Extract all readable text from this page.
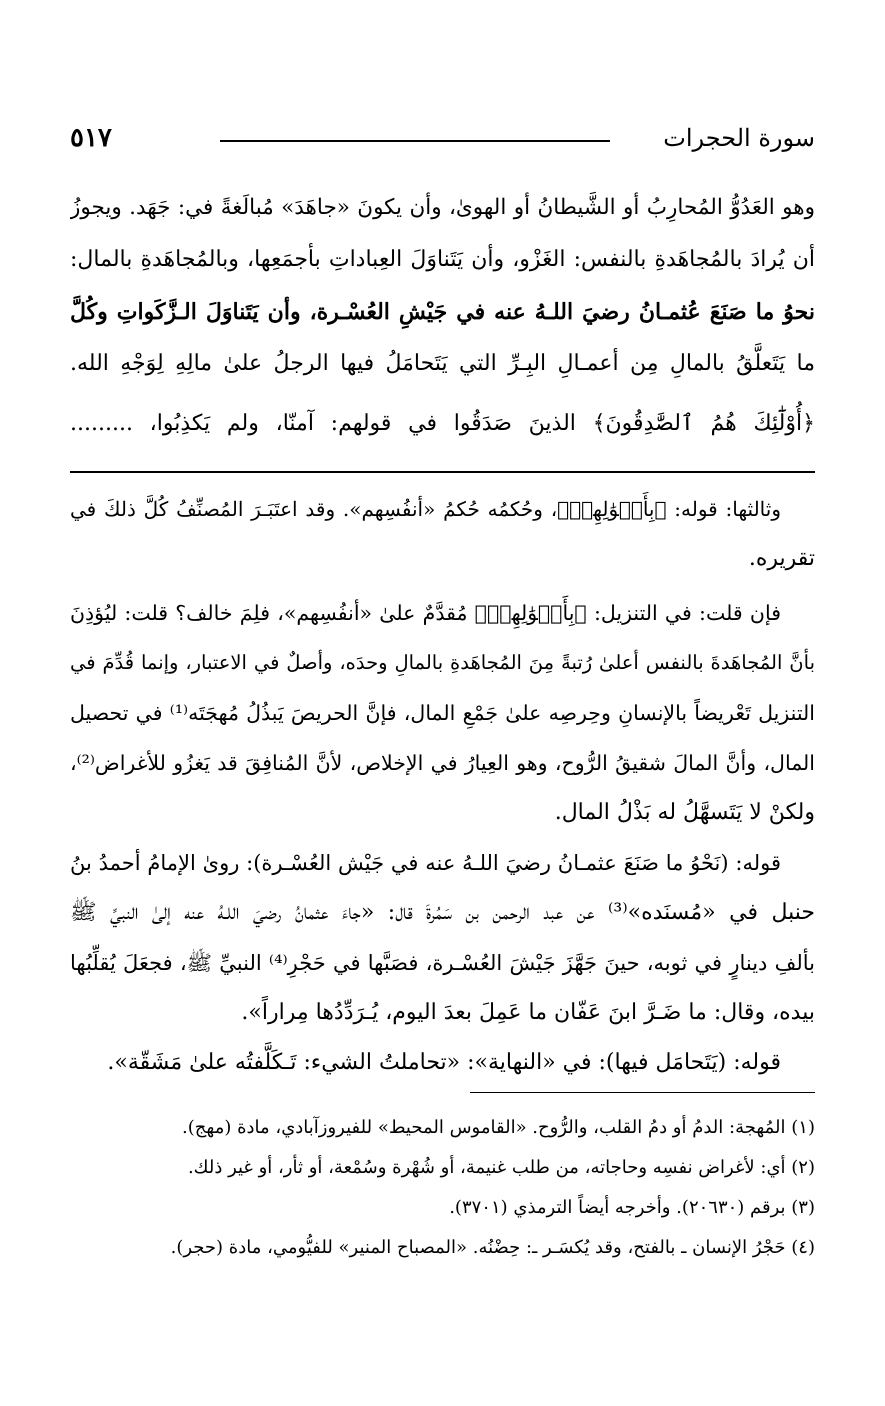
سورة الحجرات
٥١٧

وهو العَدُوُّ المُحارِبُ أو الشَّيطانُ أو الهوىٰ، وأن يكونَ «جاهَدَ» مُبالَغةً في: جَهَد. ويجوزُ

أن يُرادَ بالمُجاهَدةِ بالنفس: الغَزْو، وأن يَتَناوَلَ العِباداتِ بأجمَعِها، وبالمُجاهَدةِ بالمال:

نحوُ ما صَنَعَ عُثمـانُ رضيَ اللـهُ عنه في جَيْشِ العُسْـرة، وأن يَتَناوَلَ الـزَّكَواتِ وكُلَّ

ما يَتَعلَّقُ بالمالِ مِن أعمـالِ البِـرِّ التي يَتَحامَلُ فيها الرجلُ علىٰ مالِهِ لِوَجْهِ الله.

﴿أُوْلَٰٓئِكَ هُمُ ٱلصَّٰدِقُونَ﴾ الذينَ صَدَقُوا في قولهم: آمنّا، ولم يَكذِبُوا، .........

وثالثها: قوله: ﴿بِأَمۡوَٰلِهِمۡ﴾، وحُكمُه حُكمُ «أنفُسِهم». وقد اعتَبَـرَ المُصنِّفُ كُلَّ ذلكَ في

تقريره.

فإن قلت: في التنزيل: ﴿بِأَمۡوَٰلِهِمۡ﴾ مُقدَّمٌ علىٰ «أنفُسِهم»، فلِمَ خالف؟ قلت: ليُؤذِنَ

بأنَّ المُجاهَدةَ بالنفس أعلىٰ رُتبةً مِنَ المُجاهَدةِ بالمالِ وحدَه، وأصلٌ في الاعتبار، وإنما قُدِّمَ في

التنزيل تَعْريضاً بالإنسانِ وحِرصِه علىٰ جَمْعِ المال، فإنَّ الحريصَ يَبذُلُ مُهجَتَه⁽¹⁾ في تحصيل

المال، وأنَّ المالَ شقيقُ الرُّوح، وهو العِيارُ في الإخلاص، لأنَّ المُنافِقَ قد يَغزُو للأغراض⁽²⁾،

ولكنْ لا يَتَسهَّلُ له بَذْلُ المال.

قوله: (نَحْوُ ما صَنَعَ عثمـانُ رضيَ اللـهُ عنه في جَيْش العُسْـرة): روىٰ الإمامُ أحمدُ بنُ

حنبل في «مُسنَده»⁽³⁾ عن عبد الرحمن بن سَمُرةَ قال: «جاءَ عثمانُ رضيَ اللـهُ عنه إلىٰ النبيِّ ﷺ

بألفِ دينارٍ في ثوبه، حينَ جَهَّزَ جَيْشَ العُسْـرة، فصَبَّها في حَجْرِ⁽⁴⁾ النبيِّ ﷺ، فجعَلَ يُقلِّبُها

بيده، وقال: ما ضَـرَّ ابنَ عَفّان ما عَمِلَ بعدَ اليوم، يُـرَدِّدُها مِراراً».

قوله: (يَتَحامَل فيها): في «النهاية»: «تحاملتُ الشيء: تَـكَلَّفتُه علىٰ مَشَقّة».

(١) المُهجة: الدمُ أو دمُ القلب، والرُّوح. «القاموس المحيط» للفيروزآبادي، مادة (مهج).

(٢) أي: لأغراض نفسِه وحاجاته، من طلب غنيمة، أو شُهْرة وسُمْعة، أو ثأر، أو غير ذلك.

(٣) برقم (٢٠٦٣٠). وأخرجه أيضاً الترمذي (٣٧٠١).

(٤) حَجْرُ الإنسان ـ بالفتح، وقد يُكسَـر ـ: حِضْنُه. «المصباح المنير» للفيُّومي، مادة (حجر).
